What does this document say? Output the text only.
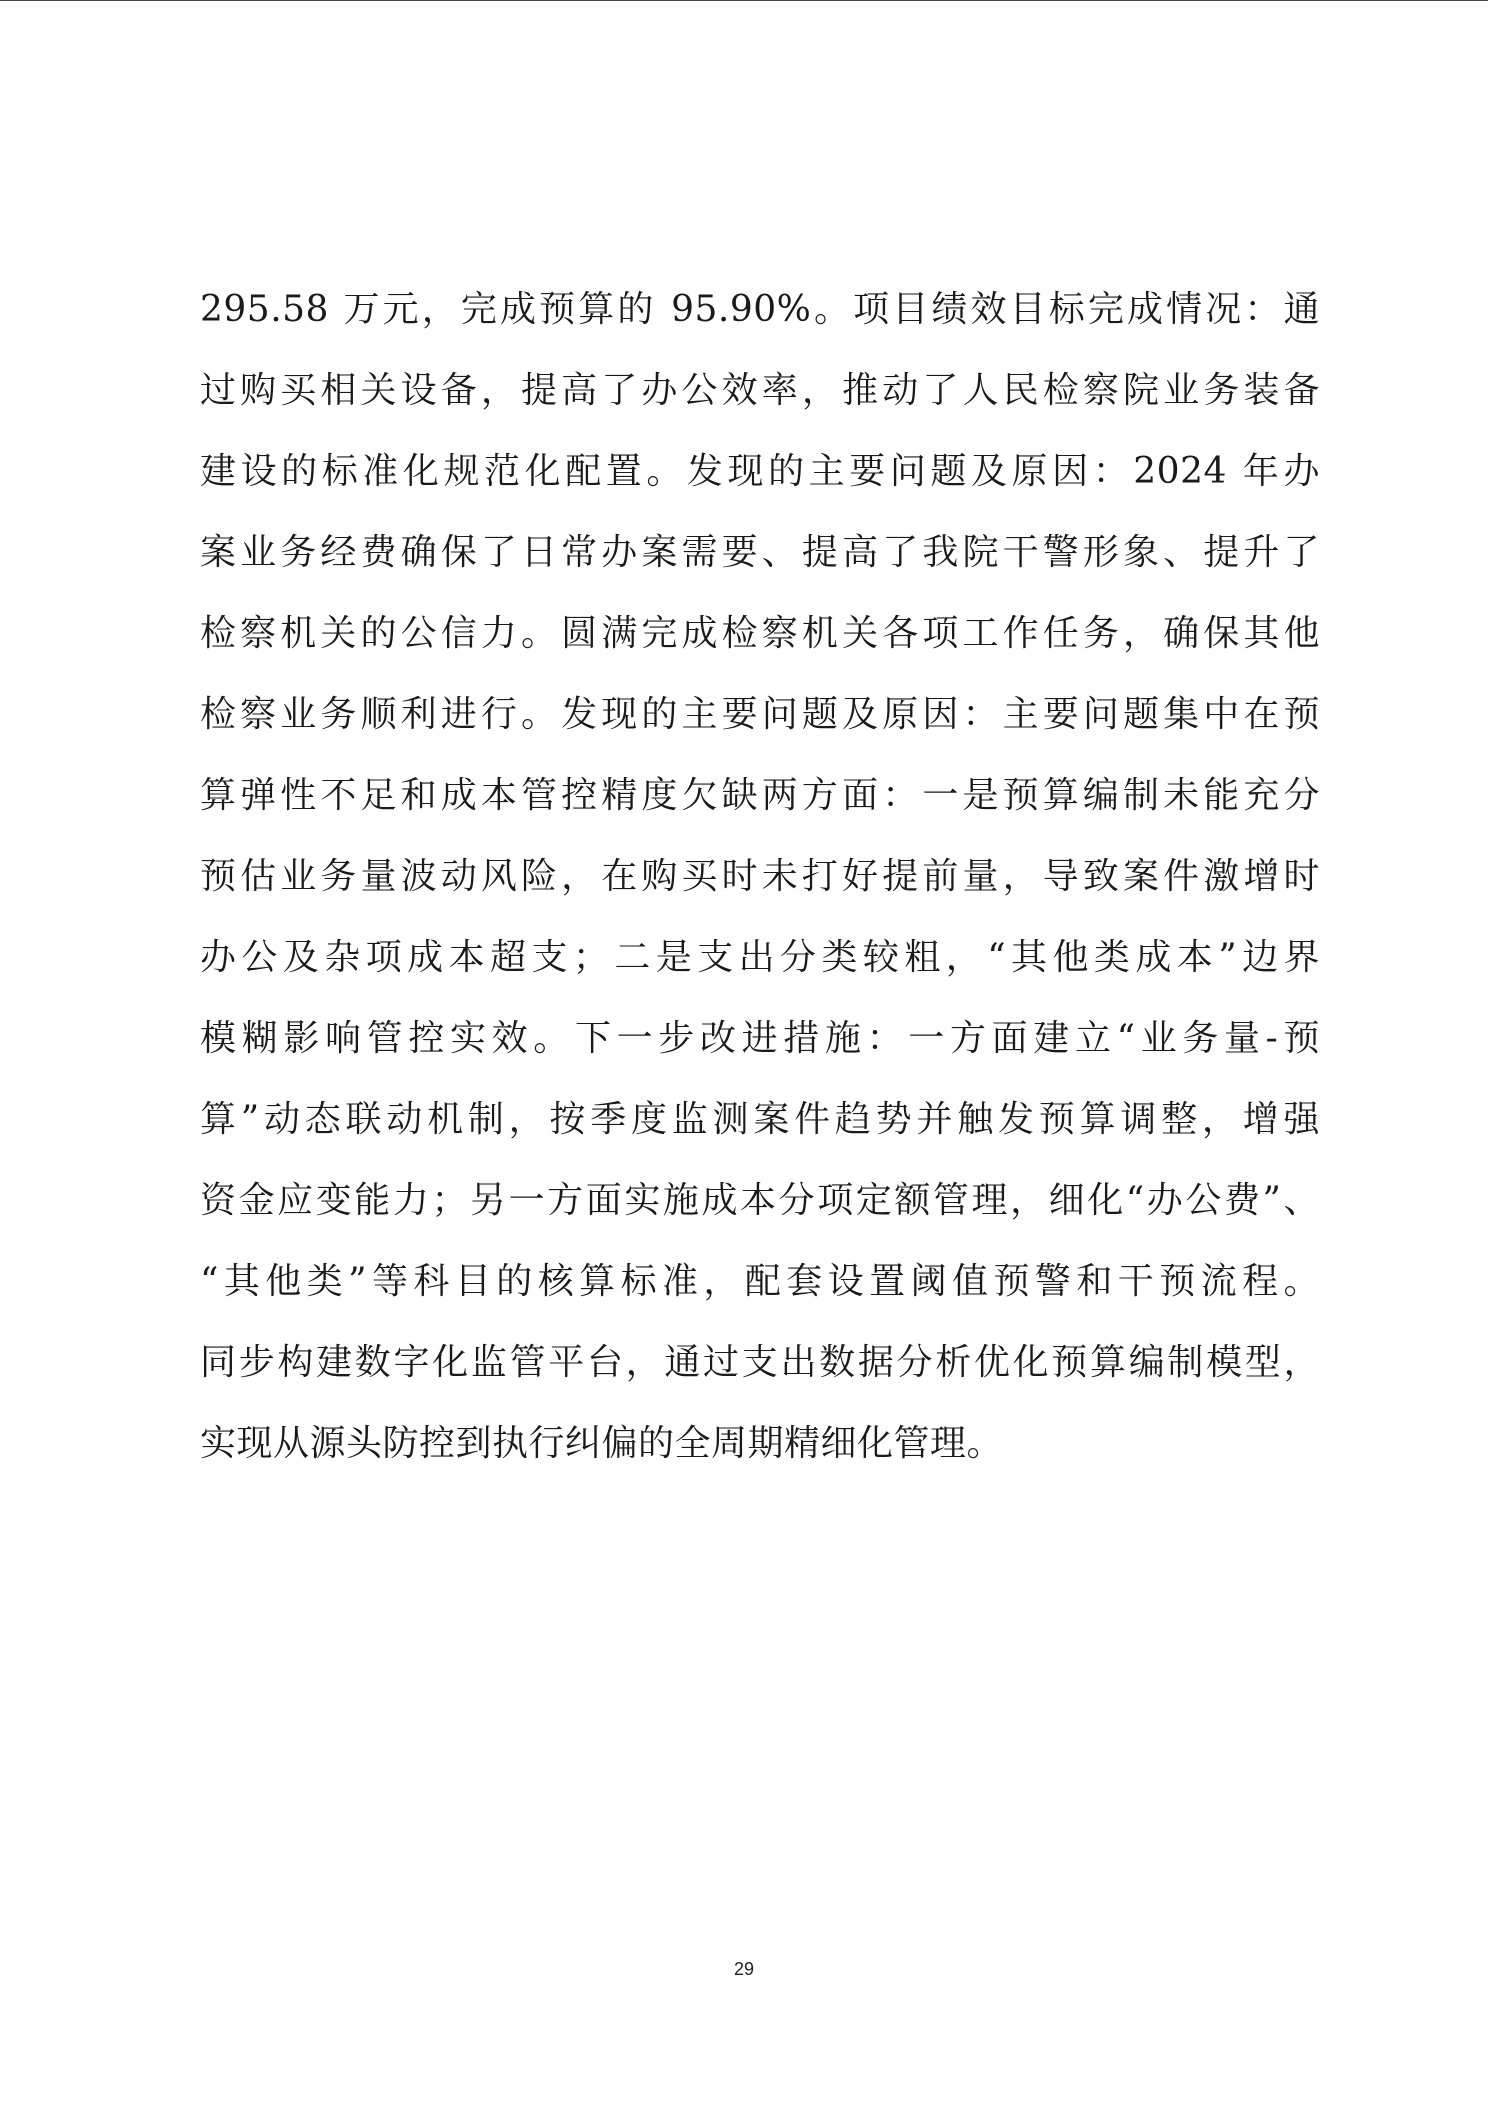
295.58 万元，完成预算的 95.90%。项目绩效目标完成情况：通
过购买相关设备，提高了办公效率，推动了人民检察院业务装备
建设的标准化规范化配置。发现的主要问题及原因：2024 年办
案业务经费确保了日常办案需要、提高了我院干警形象、提升了
检察机关的公信力。圆满完成检察机关各项工作任务，确保其他
检察业务顺利进行。发现的主要问题及原因：主要问题集中在预
算弹性不足和成本管控精度欠缺两方面：一是预算编制未能充分
预估业务量波动风险，在购买时未打好提前量，导致案件激增时
办公及杂项成本超支；二是支出分类较粗，“其他类成本”边界
模糊影响管控实效。下一步改进措施：一方面建立“业务量-预
算”动态联动机制，按季度监测案件趋势并触发预算调整，增强
资金应变能力；另一方面实施成本分项定额管理，细化“办公费”、
“其他类”等科目的核算标准，配套设置阈值预警和干预流程。
同步构建数字化监管平台，通过支出数据分析优化预算编制模型，
实现从源头防控到执行纠偏的全周期精细化管理。
29
